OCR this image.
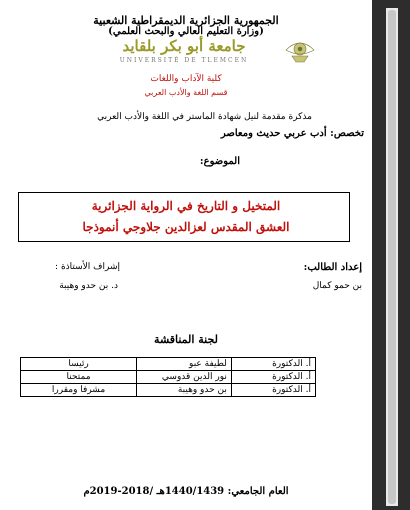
الجمهورية الجزائرية الديمقراطية الشعبية
(وزارة التعليم العالي والبحث العلمي)
جامعة أبو بكر بلقايد
UNIVERSITÉ DE TLEMCEN
كلية الآداب واللغات
قسم اللغة والأدب العربي
مذكرة مقدمة لنيل شهادة الماستر في اللغة والأدب العربي
تخصص: أدب عربي حديث ومعاصر
الموضوع:
المتخيل و التاريخ في الرواية الجزائرية
العشق المقدس لعزالدين جلاوجي أنموذجا
إعداد الطالب:
بن حمو كمال
إشراف الأستاذة :
د. بن حدو وهيبة
لجنة المناقشة
أ. الدكتورة	لطيفة عبو	رئيسا
أ. الدكتورة	نور الدين قدوسي	ممتحنا
أ. الدكتورة	بن حدو وهيبة	مشرفا ومقررا
العام الجامعي: 1440/1439هـ /2018-2019م
